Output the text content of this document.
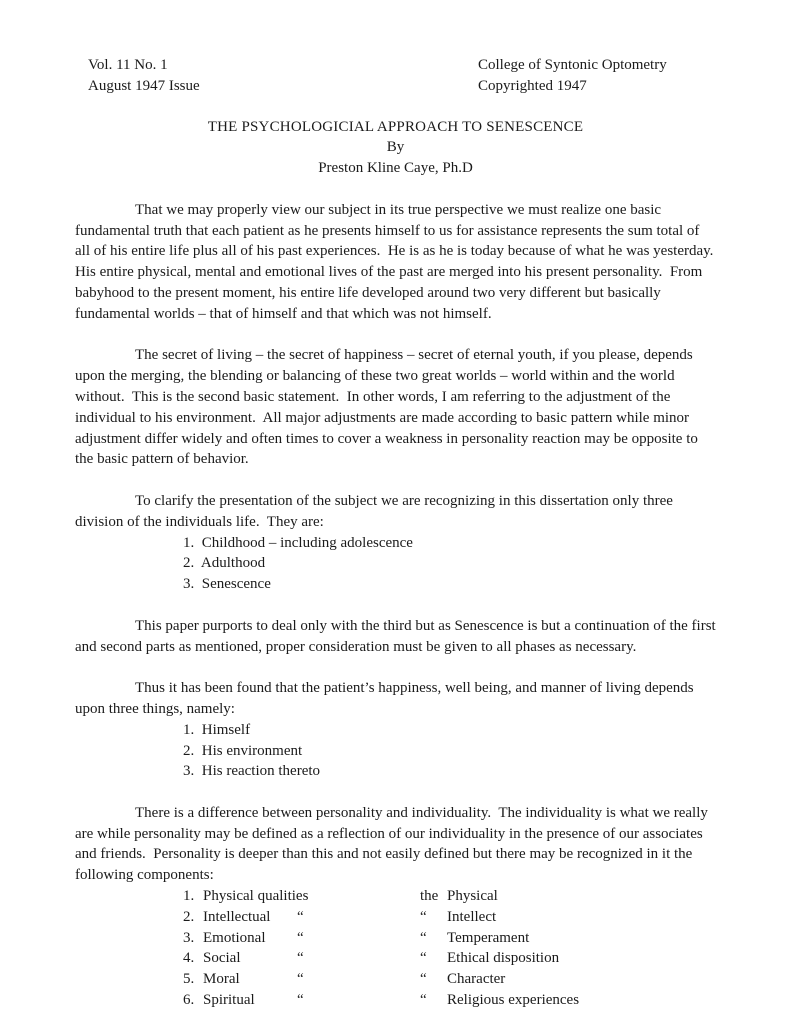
Vol. 11 No. 1
August 1947 Issue
College of Syntonic Optometry
Copyrighted 1947
THE PSYCHOLOGICIAL APPROACH TO SENESCENCE
By
Preston Kline Caye, Ph.D

That we may properly view our subject in its true perspective we must realize one basic fundamental truth that each patient as he presents himself to us for assistance represents the sum total of all of his entire life plus all of his past experiences.  He is as he is today because of what he was yesterday.   His entire physical, mental and emotional lives of the past are merged into his present personality.  From babyhood to the present moment, his entire life developed around two very different but basically fundamental worlds – that of himself and that which was not himself.

The secret of living – the secret of happiness – secret of eternal youth, if you please, depends upon the merging, the blending or balancing of these two great worlds – world within and the world without.  This is the second basic statement.  In other words, I am referring to the adjustment of the individual to his environment.  All major adjustments are made according to basic pattern while minor adjustment differ widely and often times to cover a weakness in personality reaction may be opposite to the basic pattern of behavior.

To clarify the presentation of the subject we are recognizing in this dissertation only three division of the individuals life.  They are:

1.  Childhood – including adolescence
2.  Adulthood
3.  Senescence

This paper purports to deal only with the third but as Senescence is but a continuation of the first and second parts as mentioned, proper consideration must be given to all phases as necessary.

Thus it has been found that the patient’s happiness, well being, and manner of living depends upon three things, namely:

1.  Himself
2.  His environment
3.  His reaction thereto

There is a difference between personality and individuality.  The individuality is what we really are while personality may be defined as a reflection of our individuality in the presence of our associates and friends.  Personality is deeper than this and not easily defined but there may be recognized in it the following components:

1. Physical qualities	the Physical
2. Intellectual	“	“	Intellect
3. Emotional	“	“	Temperament
4. Social	“	“	Ethical disposition
5. Moral	“	“	Character
6. Spiritual	“	“	Religious experiences
